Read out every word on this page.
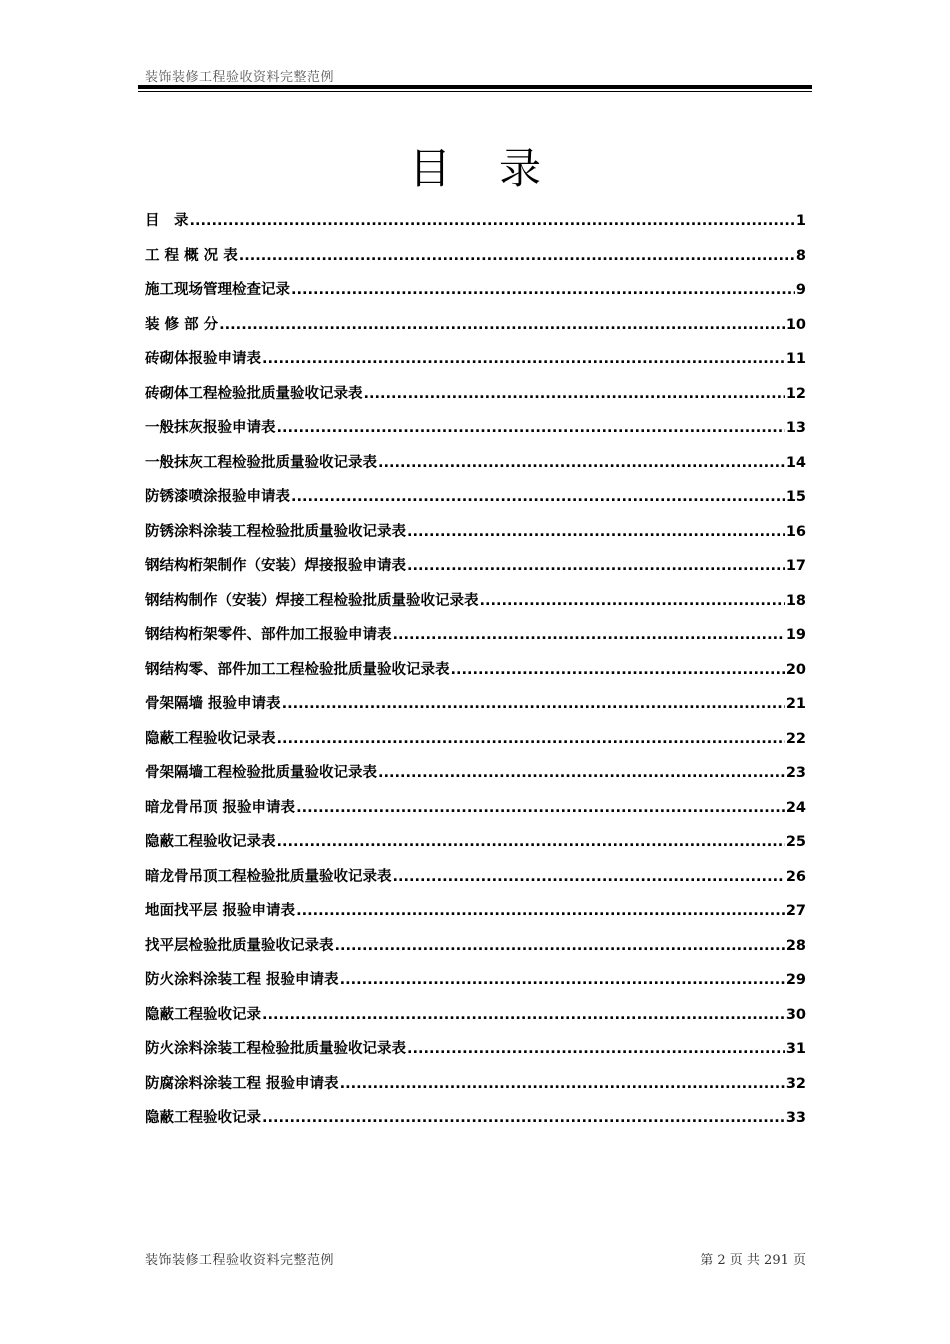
装饰装修工程验收资料完整范例
目录
目　录 .....	1
工 程 概 况 表 .....	8
施工现场管理检查记录 .....	9
装 修 部 分 .....	10
砖砌体报验申请表 .....	11
砖砌体工程检验批质量验收记录表 .....	12
一般抹灰报验申请表 .....	13
一般抹灰工程检验批质量验收记录表 .....	14
防锈漆喷涂报验申请表 .....	15
防锈涂料涂装工程检验批质量验收记录表 .....	16
钢结构桁架制作（安装）焊接报验申请表 .....	17
钢结构制作（安装）焊接工程检验批质量验收记录表 .....	18
钢结构桁架零件、部件加工报验申请表 .....	19
钢结构零、部件加工工程检验批质量验收记录表 .....	20
骨架隔墙 报验申请表 .....	21
隐蔽工程验收记录表 .....	22
骨架隔墙工程检验批质量验收记录表 .....	23
暗龙骨吊顶 报验申请表 .....	24
隐蔽工程验收记录表 .....	25
暗龙骨吊顶工程检验批质量验收记录表 .....	26
地面找平层 报验申请表 .....	27
找平层检验批质量验收记录表 .....	28
防火涂料涂装工程 报验申请表 .....	29
隐蔽工程验收记录 .....	30
防火涂料涂装工程检验批质量验收记录表 .....	31
防腐涂料涂装工程 报验申请表 .....	32
隐蔽工程验收记录 .....	33
装饰装修工程验收资料完整范例	第 2 页 共 291 页
